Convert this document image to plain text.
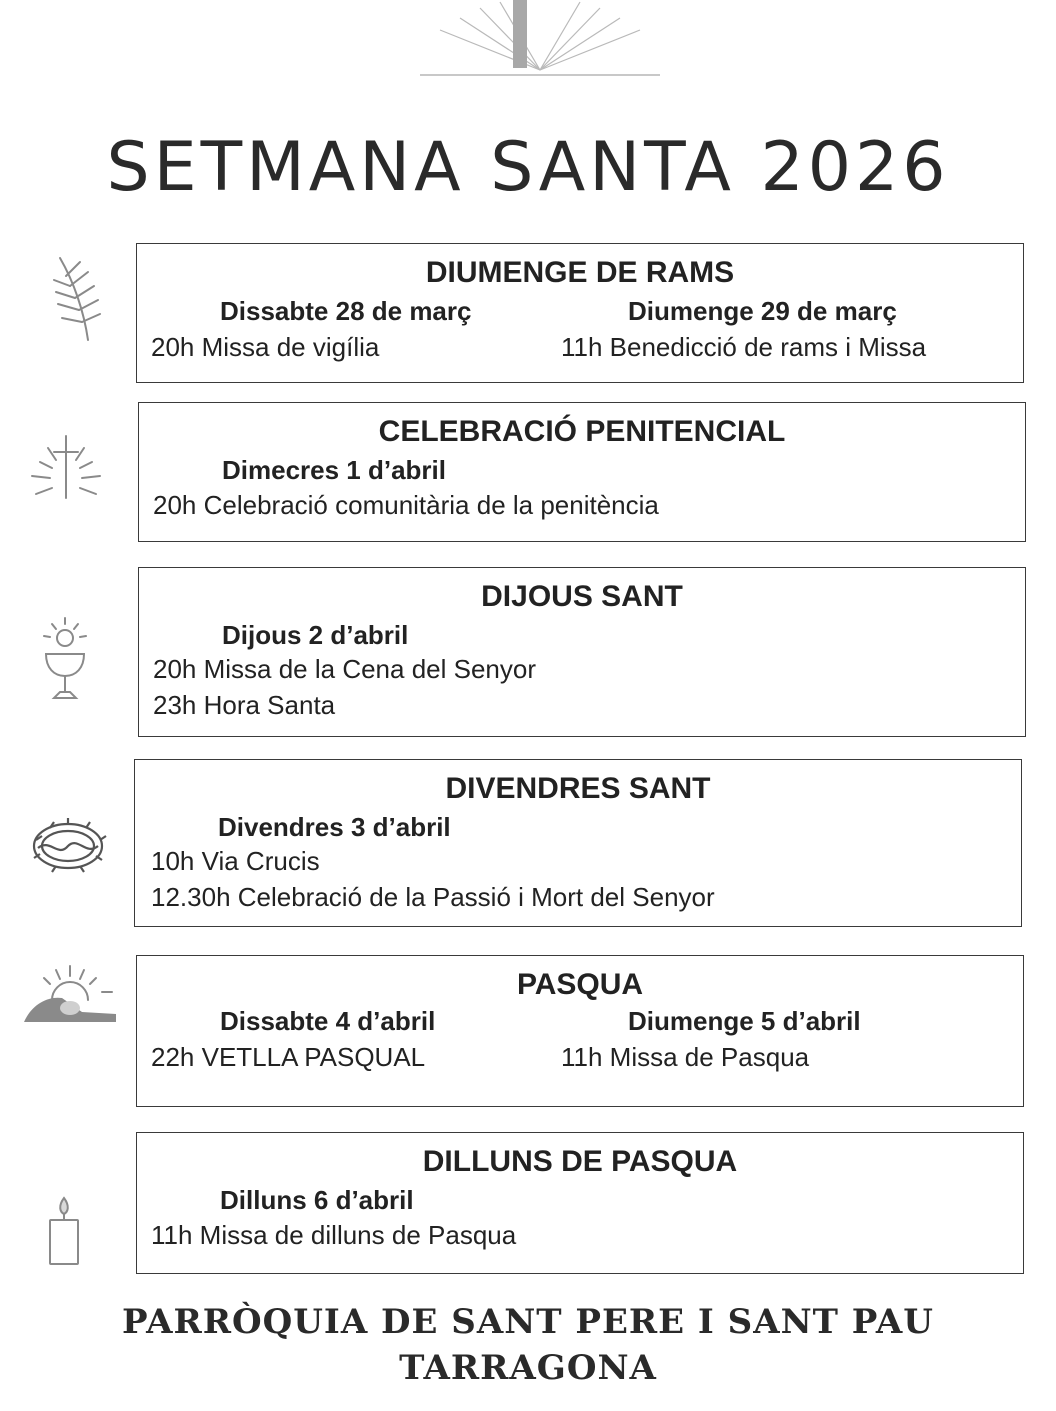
SETMANA SANTA 2026
DIUMENGE DE RAMS
Dissabte 28 de març	Diumenge 29 de març
20h Missa de vigília	11h Benedicció de rams i Missa
CELEBRACIÓ PENITENCIAL
Dimecres 1 d’abril
20h Celebració comunitària de la penitència
DIJOUS SANT
Dijous 2 d’abril
20h Missa de la Cena del Senyor
23h Hora Santa
DIVENDRES SANT
Divendres 3 d’abril
10h Via Crucis
12.30h Celebració de la Passió i Mort del Senyor
PASQUA
Dissabte 4 d’abril	Diumenge 5 d’abril
22h VETLLA PASQUAL	11h Missa de Pasqua
DILLUNS DE PASQUA
Dilluns 6 d’abril
11h Missa de dilluns de Pasqua
PARRÒQUIA DE SANT PERE I SANT PAU
TARRAGONA
